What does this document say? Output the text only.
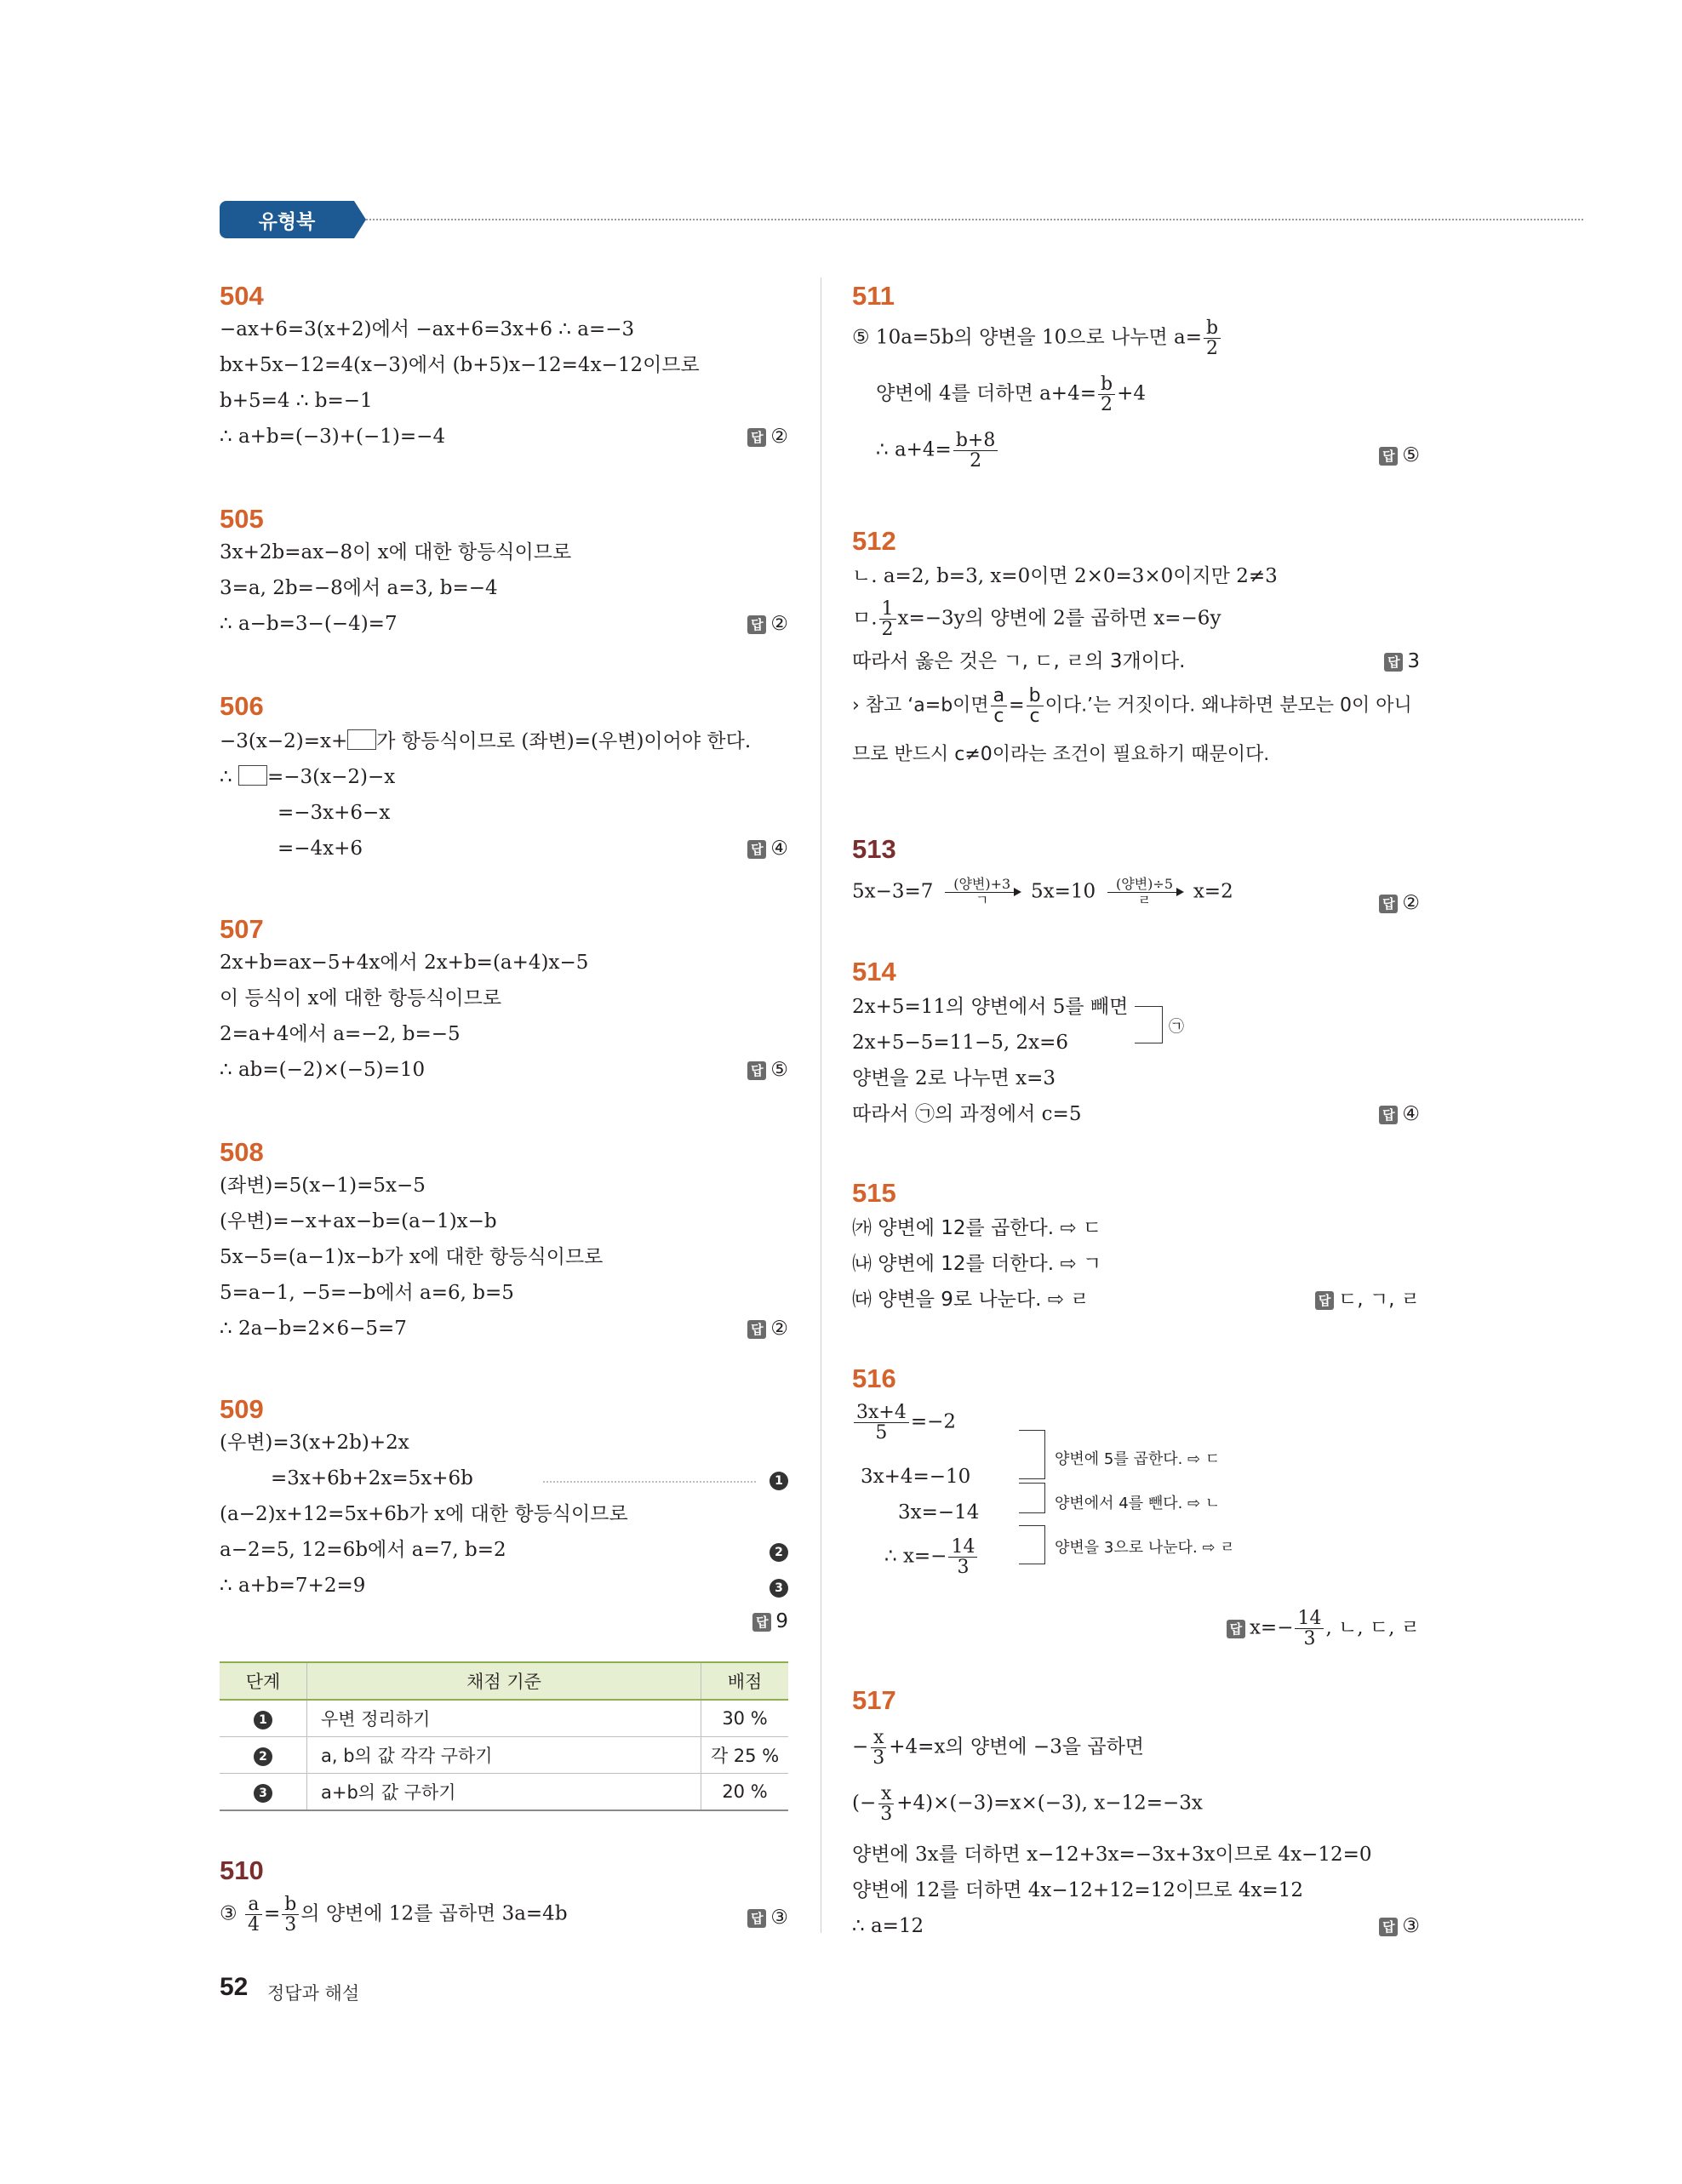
유형북
504
−ax+6=3(x+2)에서 −ax+6=3x+6 ∴ a=−3
bx+5x−12=4(x−3)에서 (b+5)x−12=4x−12이므로
b+5=4 ∴ b=−1
∴ a+b=(−3)+(−1)=−4	답 ②
505
3x+2b=ax−8이 x에 대한 항등식이므로
3=a, 2b=−8에서 a=3, b=−4
∴ a−b=3−(−4)=7	답 ②
506
−3(x−2)=x+ 가 항등식이므로 (좌변)=(우변)이어야 한다.
∴ =−3(x−2)−x
=−3x+6−x
=−4x+6	답 ④
507
2x+b=ax−5+4x에서 2x+b=(a+4)x−5
이 등식이 x에 대한 항등식이므로
2=a+4에서 a=−2, b=−5
∴ ab=(−2)×(−5)=10	답 ⑤
508
(좌변)=5(x−1)=5x−5
(우변)=−x+ax−b=(a−1)x−b
5x−5=(a−1)x−b가 x에 대한 항등식이므로
5=a−1, −5=−b에서 a=6, b=5
∴ 2a−b=2×6−5=7	답 ②
509
(우변)=3(x+2b)+2x
=3x+6b+2x=5x+6b	1
(a−2)x+12=5x+6b가 x에 대한 항등식이므로
a−2=5, 12=6b에서 a=7, b=2	2
∴ a+b=7+2=9	3
답 9
단계	채점 기준	배점
1	우변 정리하기	30 %
2	a, b의 값 각각 구하기	각 25 %
3	a+b의 값 구하기	20 %
510
③ $\frac{a}{4} = \frac{b}{3}$ 의 양변에 12를 곱하면 3a=4b	답 ③
511
⑤ 10a=5b의 양변을 10으로 나누면 $a= \frac{b}{2}$
양변에 4를 더하면 $a+4= \frac{b}{2} +4$
∴ $a+4= \frac{b+8}{2}$	답 ⑤
512
ㄴ. a=2, b=3, x=0이면 2×0=3×0이지만 2≠3
ㅁ. $\frac{1}{2} x=-3y$의 양변에 2를 곱하면 x=−6y
따라서 옳은 것은 ㄱ, ㄷ, ㄹ의 3개이다.	답 3
› 참고 ‘a=b이면 $\frac{a}{c} = \frac{b}{c}$ 이다.’는 거짓이다. 왜냐하면 분모는 0이 아니
므로 반드시 c≠0이라는 조건이 필요하기 때문이다.
513
5x−3=7 (양변)+3
ㄱ 5x=10 (양변)÷5
ㄹ x=2
답 ②
514
2x+5=11의 양변에서 5를 빼면
㉠
2x+5−5=11−5, 2x=6
양변을 2로 나누면 x=3
따라서 ㉠의 과정에서 c=5	답 ④
515
㈎ 양변에 12를 곱한다. ⇨ ㄷ
㈏ 양변에 12를 더한다. ⇨ ㄱ
㈐ 양변을 9로 나눈다. ⇨ ㄹ	답 ㄷ, ㄱ, ㄹ
516
$\frac{3x+4}{5} =-2$
3x+4=−10
3x=−14
∴ $x=- \frac{14}{3}$
양변에 5를 곱한다. ⇨ ㄷ
양변에서 4를 뺀다. ⇨ ㄴ
양변을 3으로 나눈다. ⇨ ㄹ
답 $x=- \frac{14}{3}$ , ㄴ, ㄷ, ㄹ
517
− $\frac{x}{3} +4=x$의 양변에 −3을 곱하면
(− $\frac{x}{3} +4)\times(-3)=x\times(-3)$, x−12=−3x
양변에 3x를 더하면 x−12+3x=−3x+3x이므로 4x−12=0
양변에 12를 더하면 4x−12+12=12이므로 4x=12
∴ a=12	답 ③
52 정답과 해설
